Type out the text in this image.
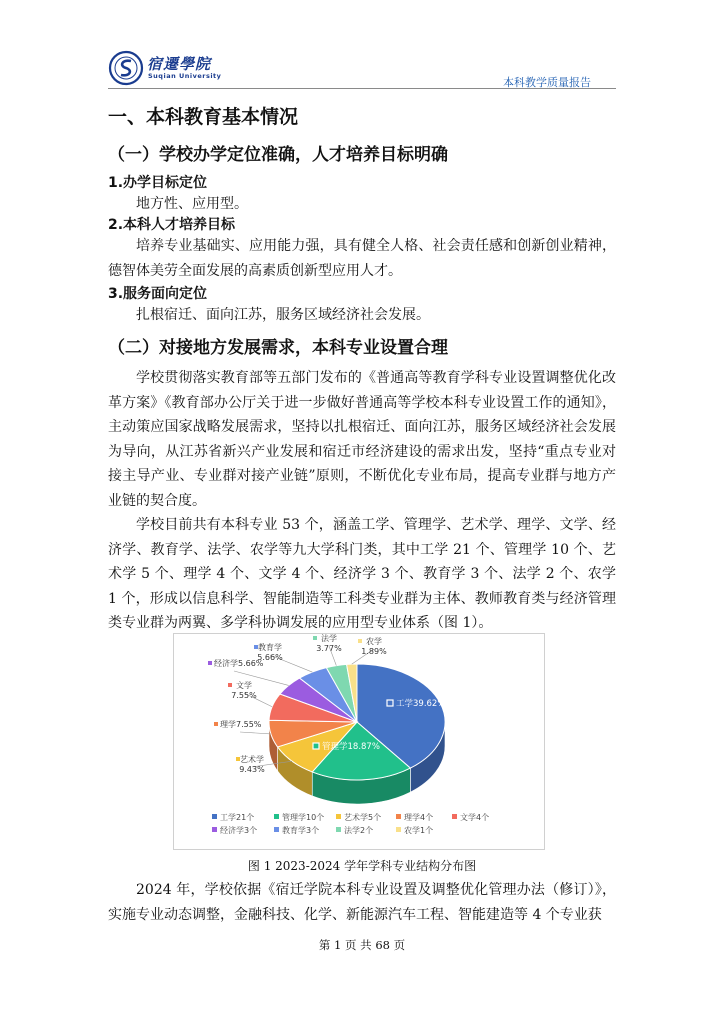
宿遷學院
Suqian University	本科教学质量报告
一、本科教育基本情况
（一）学校办学定位准确，人才培养目标明确
1.办学目标定位
地方性、应用型。
2.本科人才培养目标
培养专业基础实、应用能力强，具有健全人格、社会责任感和创新创业精神，德智体美劳全面发展的高素质创新型应用人才。
3.服务面向定位
扎根宿迁、面向江苏，服务区域经济社会发展。
（二）对接地方发展需求，本科专业设置合理
学校贯彻落实教育部等五部门发布的《普通高等教育学科专业设置调整优化改革方案》《教育部办公厅关于进一步做好普通高等学校本科专业设置工作的通知》，主动策应国家战略发展需求，坚持以扎根宿迁、面向江苏，服务区域经济社会发展为导向，从江苏省新兴产业发展和宿迁市经济建设的需求出发，坚持“重点专业对接主导产业、专业群对接产业链”原则，不断优化专业布局，提高专业群与地方产业链的契合度。
学校目前共有本科专业 53 个，涵盖工学、管理学、艺术学、理学、文学、经济学、教育学、法学、农学等九大学科门类，其中工学 21 个、管理学 10 个、艺术学 5 个、理学 4 个、文学 4 个、经济学 3 个、教育学 3 个、法学 2 个、农学 1 个，形成以信息科学、智能制造等工科类专业群为主体、教师教育类与经济管理类专业群为两翼、多学科协调发展的应用型专业体系（图 1）。
工学39.62%
管理学18.87%
艺术学
9.43%
理学7.55%
文学
7.55%
经济学5.66%
教育学
5.66%
法学
3.77%
农学
1.89%
工学21个	管理学10个 艺术学5个	理学4个	文学4个
经济学3个	教育学3个	法学2个	农学1个
图 1 2023-2024 学年学科专业结构分布图
2024 年，学校依据《宿迁学院本科专业设置及调整优化管理办法（修订）》，实施专业动态调整，金融科技、化学、新能源汽车工程、智能建造等 4 个专业获
第 1 页 共 68 页
